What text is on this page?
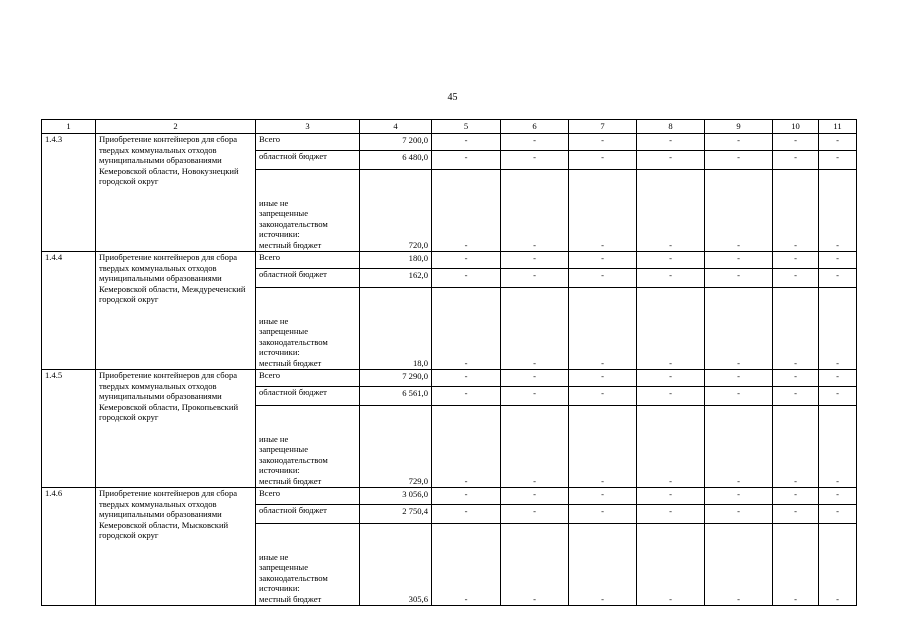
45
1	2	3	4	5	6	7	8	9	10	11
1.4.3	Приобретение контейнеров для сбора твердых коммунальных отходов муниципальными образованиями Кемеровской области, Новокузнецкий городской округ	Всего	7 200,0	-	-	-	-	-	-	-
		областной бюджет	6 480,0	-	-	-	-	-	-	-

		иные не
запрещенные
законодательством
источники:
местный бюджет	720,0	-	-	-	-	-	-	-
1.4.4	Приобретение контейнеров для сбора твердых коммунальных отходов муниципальными образованиями Кемеровской области, Междуреченский городской округ	Всего	180,0	-	-	-	-	-	-	-
		областной бюджет	162,0	-	-	-	-	-	-	-

		иные не
запрещенные
законодательством
источники:
местный бюджет	18,0	-	-	-	-	-	-	-
1.4.5	Приобретение контейнеров для сбора твердых коммунальных отходов муниципальными образованиями Кемеровской области, Прокопьевский городской округ	Всего	7 290,0	-	-	-	-	-	-	-
		областной бюджет	6 561,0	-	-	-	-	-	-	-

		иные не
запрещенные
законодательством
источники:
местный бюджет	729,0	-	-	-	-	-	-	-
1.4.6	Приобретение контейнеров для сбора твердых коммунальных отходов муниципальными образованиями Кемеровской области, Мысковский городской округ	Всего	3 056,0	-	-	-	-	-	-	-
		областной бюджет	2 750,4	-	-	-	-	-	-	-

		иные не
запрещенные
законодательством
источники:
местный бюджет	305,6	-	-	-	-	-	-	-
